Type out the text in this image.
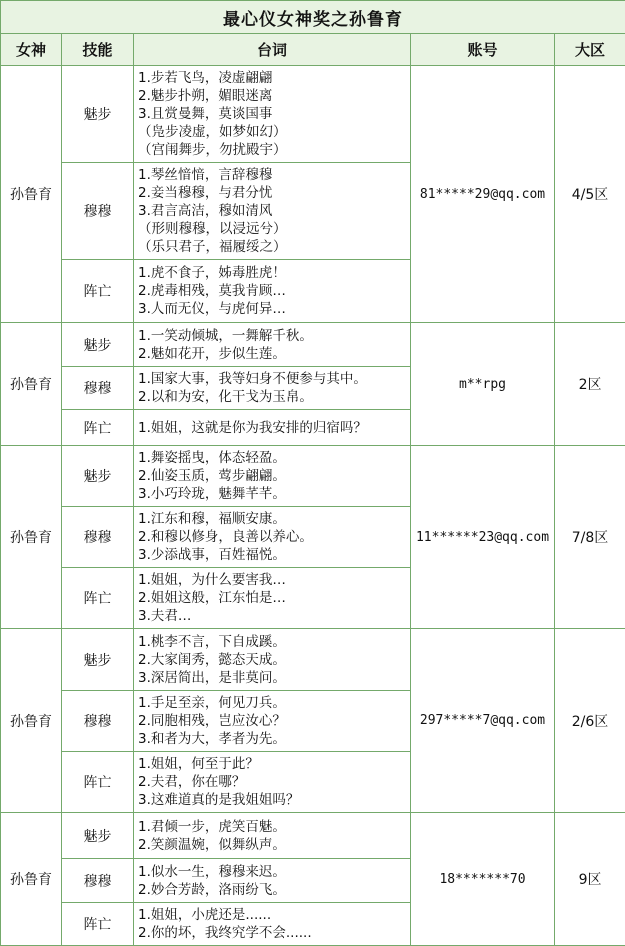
最心仪女神奖之孙鲁育				
女神	技能	台词	账号	大区
孙鲁育	魅步	1.步若飞鸟，凌虚翩翩
2.魅步扑朔，媚眼迷离
3.且赏曼舞，莫谈国事
（凫步凌虚，如梦如幻）
（宫闱舞步，勿扰殿宇）	81*****29@qq.com	4/5区
	穆穆	1.琴丝愔愔，言辞穆穆
2.妾当穆穆，与君分忧
3.君言高洁，穆如清风
（形则穆穆，以浸远兮）
（乐只君子，福履绥之）		

	阵亡	1.虎不食子，姊毒胜虎！
2.虎毒相残，莫我肯顾…
3.人而无仪，与虎何异…		

孙鲁育	魅步	1.一笑动倾城，一舞解千秋。
2.魅如花开，步似生莲。	m**rpg	2区
	穆穆	1.国家大事，我等妇身不便参与其中。
2.以和为安，化干戈为玉帛。		

	阵亡	1.姐姐，这就是你为我安排的归宿吗？		

孙鲁育	魅步	1.舞姿摇曳，体态轻盈。
2.仙姿玉质，莺步翩翩。
3.小巧玲珑，魅舞芊芊。	11******23@qq.com	7/8区
	穆穆	1.江东和穆，福顺安康。
2.和穆以修身，良善以养心。
3.少添战事，百姓福悦。		

	阵亡	1.姐姐，为什么要害我…
2.姐姐这般，江东怕是…
3.夫君…		

孙鲁育	魅步	1.桃李不言，下自成蹊。
2.大家闺秀，懿态天成。
3.深居简出，是非莫问。	297*****7@qq.com	2/6区
	穆穆	1.手足至亲，何见刀兵。
2.同胞相残，岂应汝心？
3.和者为大，孝者为先。		

	阵亡	1.姐姐，何至于此？
2.夫君，你在哪？
3.这难道真的是我姐姐吗？		

孙鲁育	魅步	1.君倾一步，虎笑百魅。
2.笑颜温婉，似舞纵声。	18*******70	9区
	穆穆	1.似水一生，穆穆来迟。
2.妙合芳龄，洛雨纷飞。		

	阵亡	1.姐姐，小虎还是......
2.你的坏，我终究学不会......		
